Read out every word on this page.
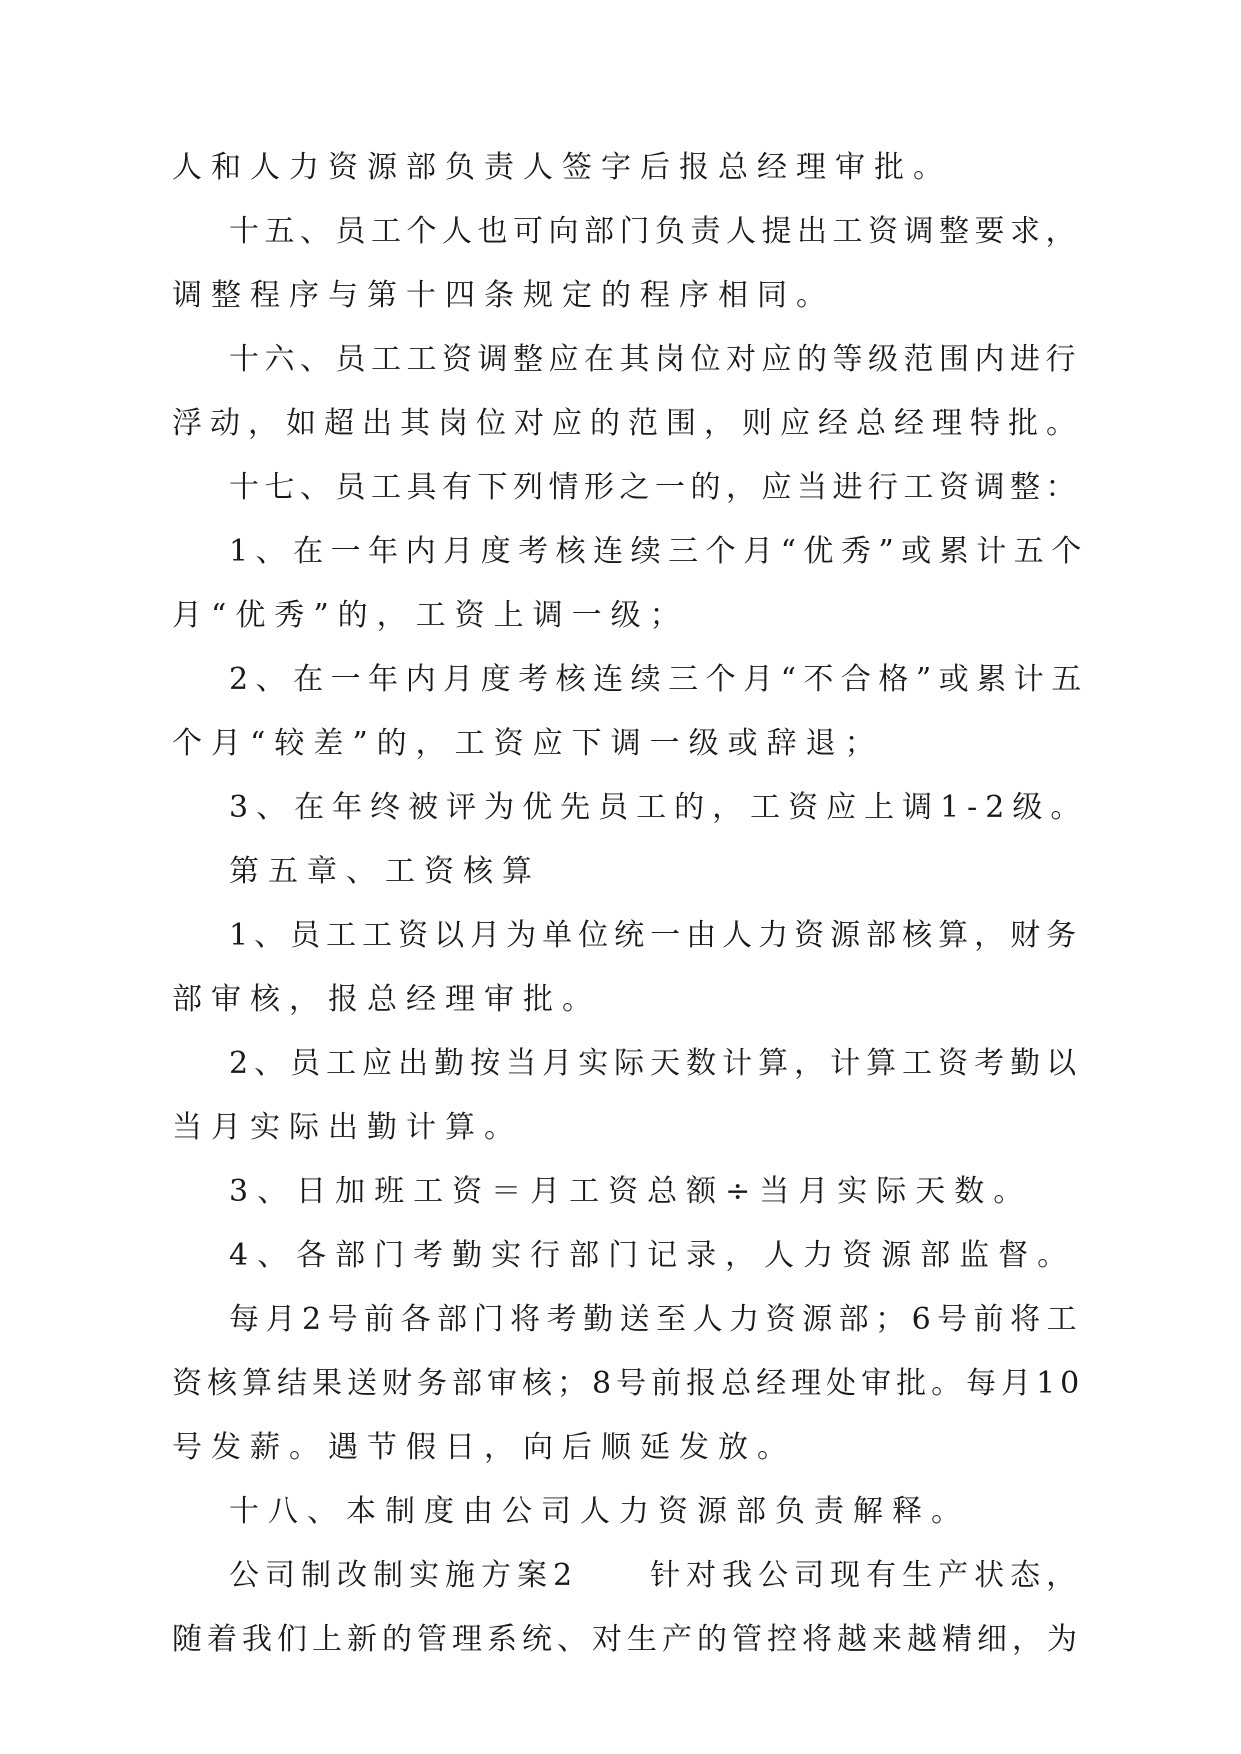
人和人力资源部负责人签字后报总经理审批。
十五、员工个人也可向部门负责人提出工资调整要求，
调整程序与第十四条规定的程序相同。
十六、员工工资调整应在其岗位对应的等级范围内进行
浮动，如超出其岗位对应的范围，则应经总经理特批。
十七、员工具有下列情形之一的，应当进行工资调整：
1、在一年内月度考核连续三个月“优秀”或累计五个
月“优秀”的，工资上调一级；
2、在一年内月度考核连续三个月“不合格”或累计五
个月“较差”的，工资应下调一级或辞退；
3、在年终被评为优先员工的，工资应上调1-2级。
第五章、工资核算
1、员工工资以月为单位统一由人力资源部核算，财务
部审核，报总经理审批。
2、员工应出勤按当月实际天数计算，计算工资考勤以
当月实际出勤计算。
3、日加班工资＝月工资总额÷当月实际天数。
4、各部门考勤实行部门记录，人力资源部监督。
每月2号前各部门将考勤送至人力资源部；6号前将工
资核算结果送财务部审核；8号前报总经理处审批。每月10
号发薪。遇节假日，向后顺延发放。
十八、本制度由公司人力资源部负责解释。
公司制改制实施方案2　　针对我公司现有生产状态，
随着我们上新的管理系统、对生产的管控将越来越精细，为
